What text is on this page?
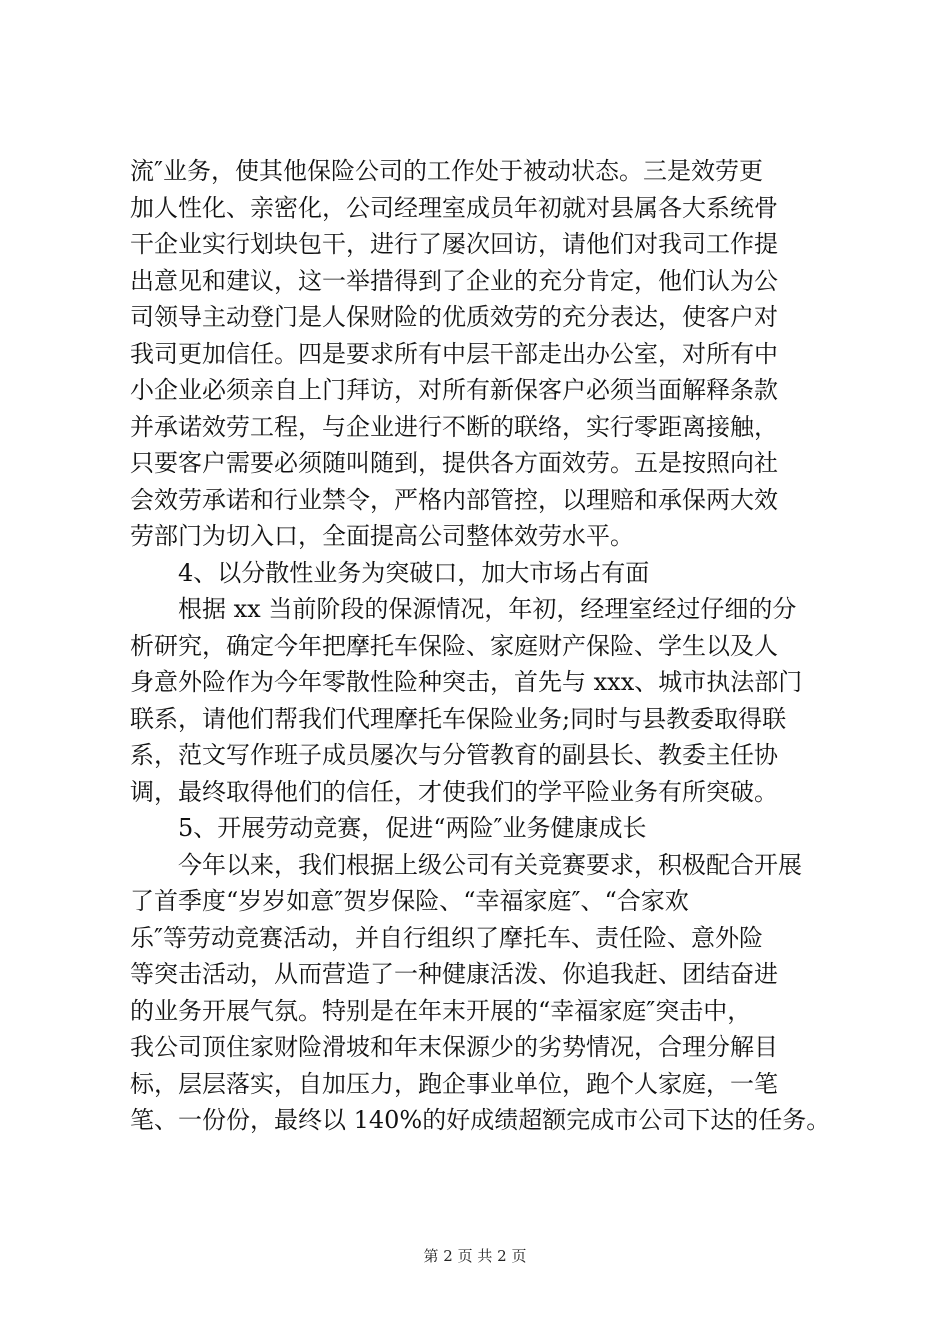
流″业务，使其他保险公司的工作处于被动状态。三是效劳更
加人性化、亲密化，公司经理室成员年初就对县属各大系统骨
干企业实行划块包干，进行了屡次回访，请他们对我司工作提
出意见和建议，这一举措得到了企业的充分肯定，他们认为公
司领导主动登门是人保财险的优质效劳的充分表达，使客户对
我司更加信任。四是要求所有中层干部走出办公室，对所有中
小企业必须亲自上门拜访，对所有新保客户必须当面解释条款
并承诺效劳工程，与企业进行不断的联络，实行零距离接触，
只要客户需要必须随叫随到，提供各方面效劳。五是按照向社
会效劳承诺和行业禁令，严格内部管控，以理赔和承保两大效
劳部门为切入口，全面提高公司整体效劳水平。
　　4、以分散性业务为突破口，加大市场占有面
　　根据 xx 当前阶段的保源情况，年初，经理室经过仔细的分
析研究，确定今年把摩托车保险、家庭财产保险、学生以及人
身意外险作为今年零散性险种突击，首先与 xxx、城市执法部门
联系，请他们帮我们代理摩托车保险业务;同时与县教委取得联
系，范文写作班子成员屡次与分管教育的副县长、教委主任协
调，最终取得他们的信任，才使我们的学平险业务有所突破。
　　5、开展劳动竞赛，促进“两险″业务健康成长
　　今年以来，我们根据上级公司有关竞赛要求，积极配合开展
了首季度“岁岁如意″贺岁保险、“幸福家庭″、“合家欢
乐″等劳动竞赛活动，并自行组织了摩托车、责任险、意外险
等突击活动，从而营造了一种健康活泼、你追我赶、团结奋进
的业务开展气氛。特别是在年末开展的“幸福家庭″突击中，
我公司顶住家财险滑坡和年末保源少的劣势情况，合理分解目
标，层层落实，自加压力，跑企事业单位，跑个人家庭，一笔
笔、一份份，最终以 140%的好成绩超额完成市公司下达的任务。
第 2 页 共 2 页
